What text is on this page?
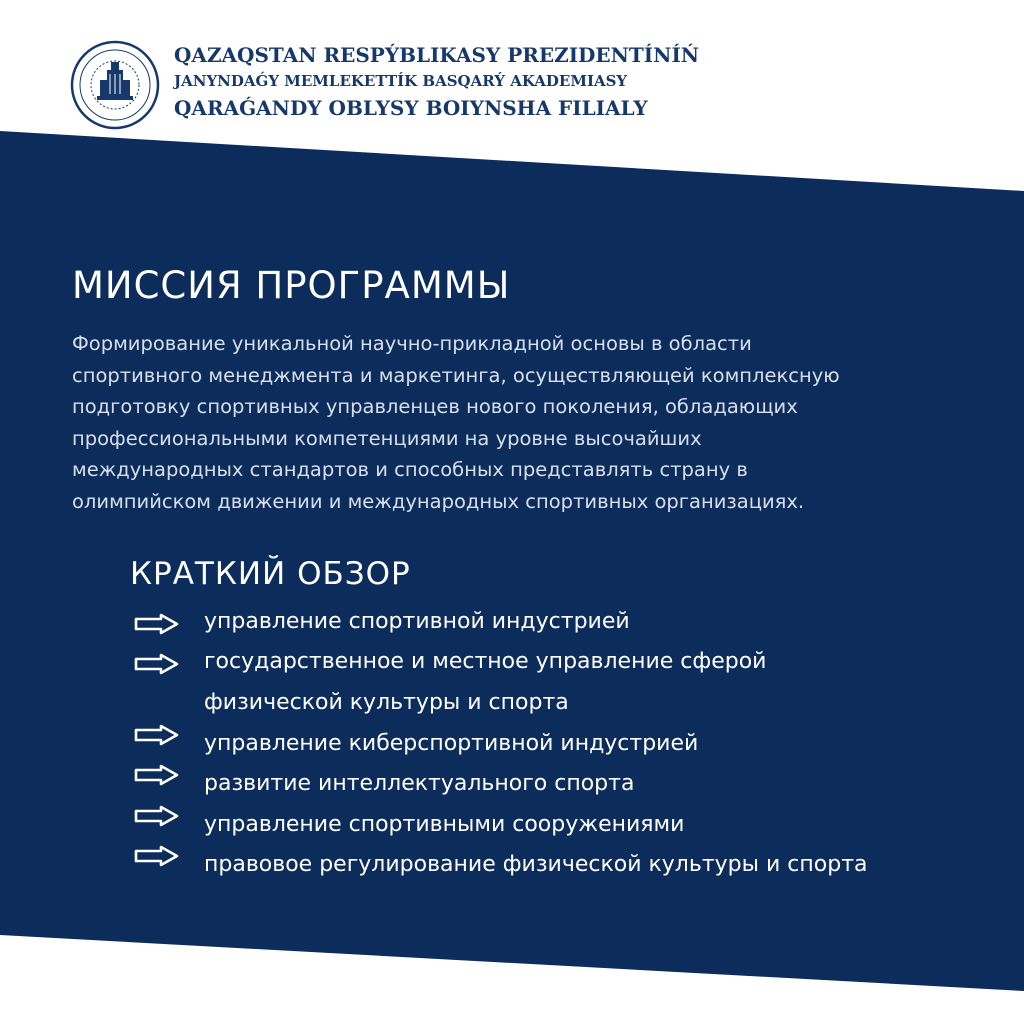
QAZAQSTAN RESPÝBLIKASY PREZIDENTÍNÍŃ

JANYNDAǴY MEMLEKETTÍK BASQARÝ AKADEMIASY

QARAǴANDY OBLYSY BOIYNSHA FILIALY

МИССИЯ ПРОГРАММЫ

Формирование уникальной научно-прикладной основы в области
спортивного менеджмента и маркетинга, осуществляющей комплексную
подготовку спортивных управленцев нового поколения, обладающих
профессиональными компетенциями на уровне высочайших
международных стандартов и способных представлять страну в
олимпийском движении и международных спортивных организациях.

КРАТКИЙ ОБЗОР

управление спортивной индустрией

государственное и местное управление сферой

физической культуры и спорта

управление киберспортивной индустрией

развитие интеллектуального спорта

управление спортивными сооружениями

правовое регулирование физической культуры и спорта
